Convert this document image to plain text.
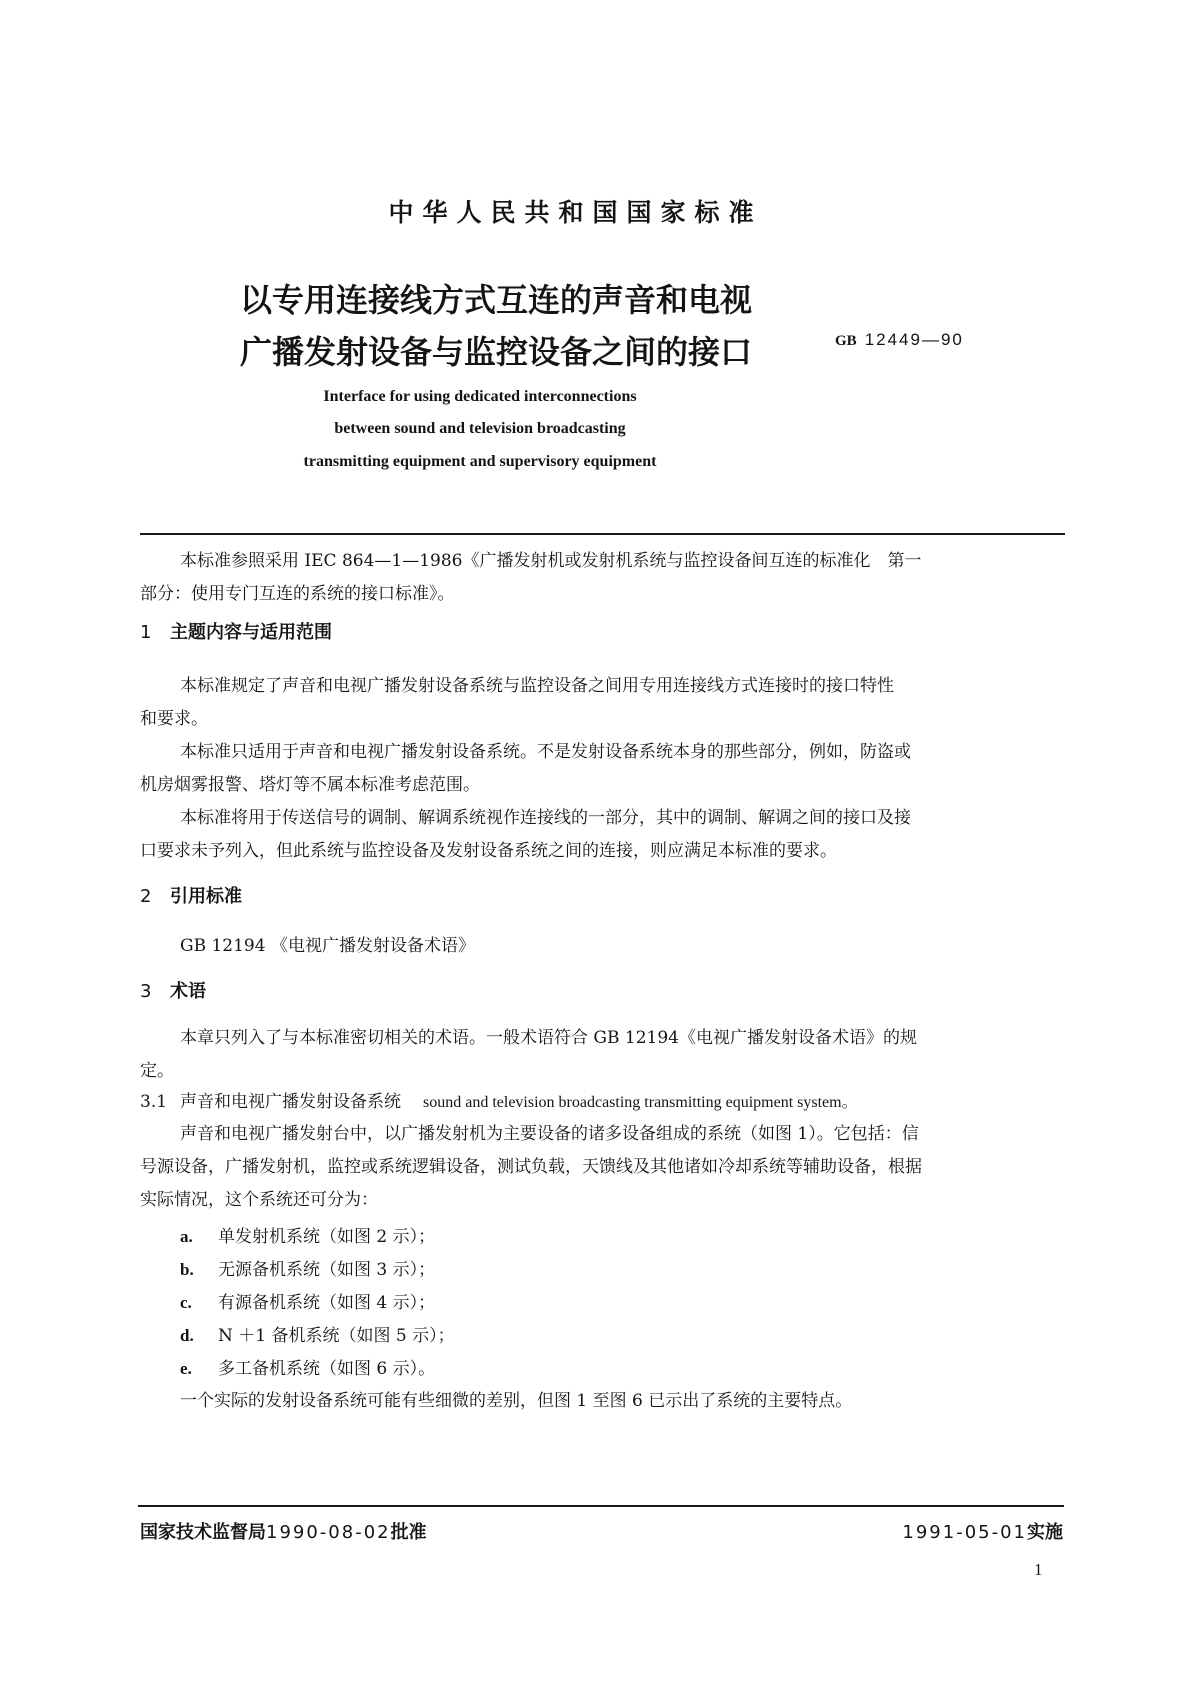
中华人民共和国国家标准
以专用连接线方式互连的声音和电视
广播发射设备与监控设备之间的接口	GB 12449—90
Interface for using dedicated interconnections
between sound and television broadcasting
transmitting equipment and supervisory equipment
本标准参照采用 IEC 864—1—1986《广播发射机或发射机系统与监控设备间互连的标准化　第一
部分：使用专门互连的系统的接口标准》。
1 主题内容与适用范围
本标准规定了声音和电视广播发射设备系统与监控设备之间用专用连接线方式连接时的接口特性
和要求。
本标准只适用于声音和电视广播发射设备系统。不是发射设备系统本身的那些部分，例如，防盗或
机房烟雾报警、塔灯等不属本标准考虑范围。
本标准将用于传送信号的调制、解调系统视作连接线的一部分，其中的调制、解调之间的接口及接
口要求未予列入，但此系统与监控设备及发射设备系统之间的连接，则应满足本标准的要求。
2 引用标准
GB 12194 《电视广播发射设备术语》
3 术语
本章只列入了与本标准密切相关的术语。一般术语符合 GB 12194《电视广播发射设备术语》的规
定。
3.1 声音和电视广播发射设备系统 sound and television broadcasting transmitting equipment system。
声音和电视广播发射台中，以广播发射机为主要设备的诸多设备组成的系统（如图 1）。它包括：信
号源设备，广播发射机，监控或系统逻辑设备，测试负载，天馈线及其他诸如冷却系统等辅助设备，根据
实际情况，这个系统还可分为：
a. 单发射机系统（如图 2 示）；
b. 无源备机系统（如图 3 示）；
c. 有源备机系统（如图 4 示）；
d. N ＋1 备机系统（如图 5 示）；
e. 多工备机系统（如图 6 示）。
一个实际的发射设备系统可能有些细微的差别，但图 1 至图 6 已示出了系统的主要特点。
国家技术监督局1990-08-02批准	1991-05-01实施
1
